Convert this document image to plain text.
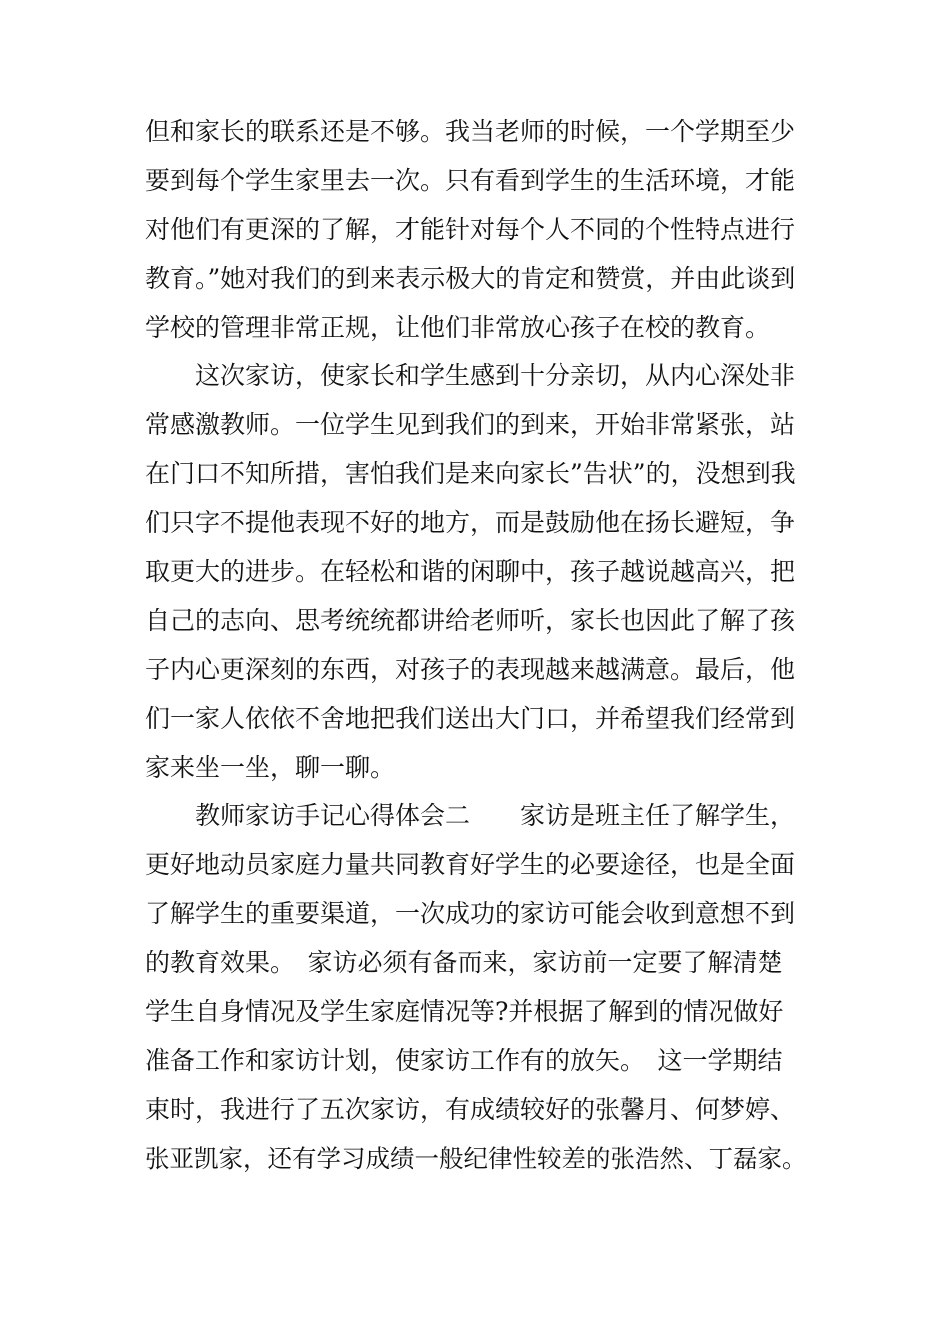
但和家长的联系还是不够。我当老师的时候，一个学期至少
要到每个学生家里去一次。只有看到学生的生活环境，才能
对他们有更深的了解，才能针对每个人不同的个性特点进行
教育。”她对我们的到来表示极大的肯定和赞赏，并由此谈到
学校的管理非常正规，让他们非常放心孩子在校的教育。
这次家访，使家长和学生感到十分亲切，从内心深处非
常感激教师。一位学生见到我们的到来，开始非常紧张，站
在门口不知所措，害怕我们是来向家长”告状”的，没想到我
们只字不提他表现不好的地方，而是鼓励他在扬长避短，争
取更大的进步。在轻松和谐的闲聊中，孩子越说越高兴，把
自己的志向、思考统统都讲给老师听，家长也因此了解了孩
子内心更深刻的东西，对孩子的表现越来越满意。最后，他
们一家人依依不舍地把我们送出大门口，并希望我们经常到
家来坐一坐，聊一聊。
教师家访手记心得体会二　　家访是班主任了解学生，
更好地动员家庭力量共同教育好学生的必要途径，也是全面
了解学生的重要渠道，一次成功的家访可能会收到意想不到
的教育效果。　家访必须有备而来，家访前一定要了解清楚
学生自身情况及学生家庭情况等?并根据了解到的情况做好
准备工作和家访计划，使家访工作有的放矢。　这一学期结
束时，我进行了五次家访，有成绩较好的张馨月、何梦婷、
张亚凯家，还有学习成绩一般纪律性较差的张浩然、丁磊家。
